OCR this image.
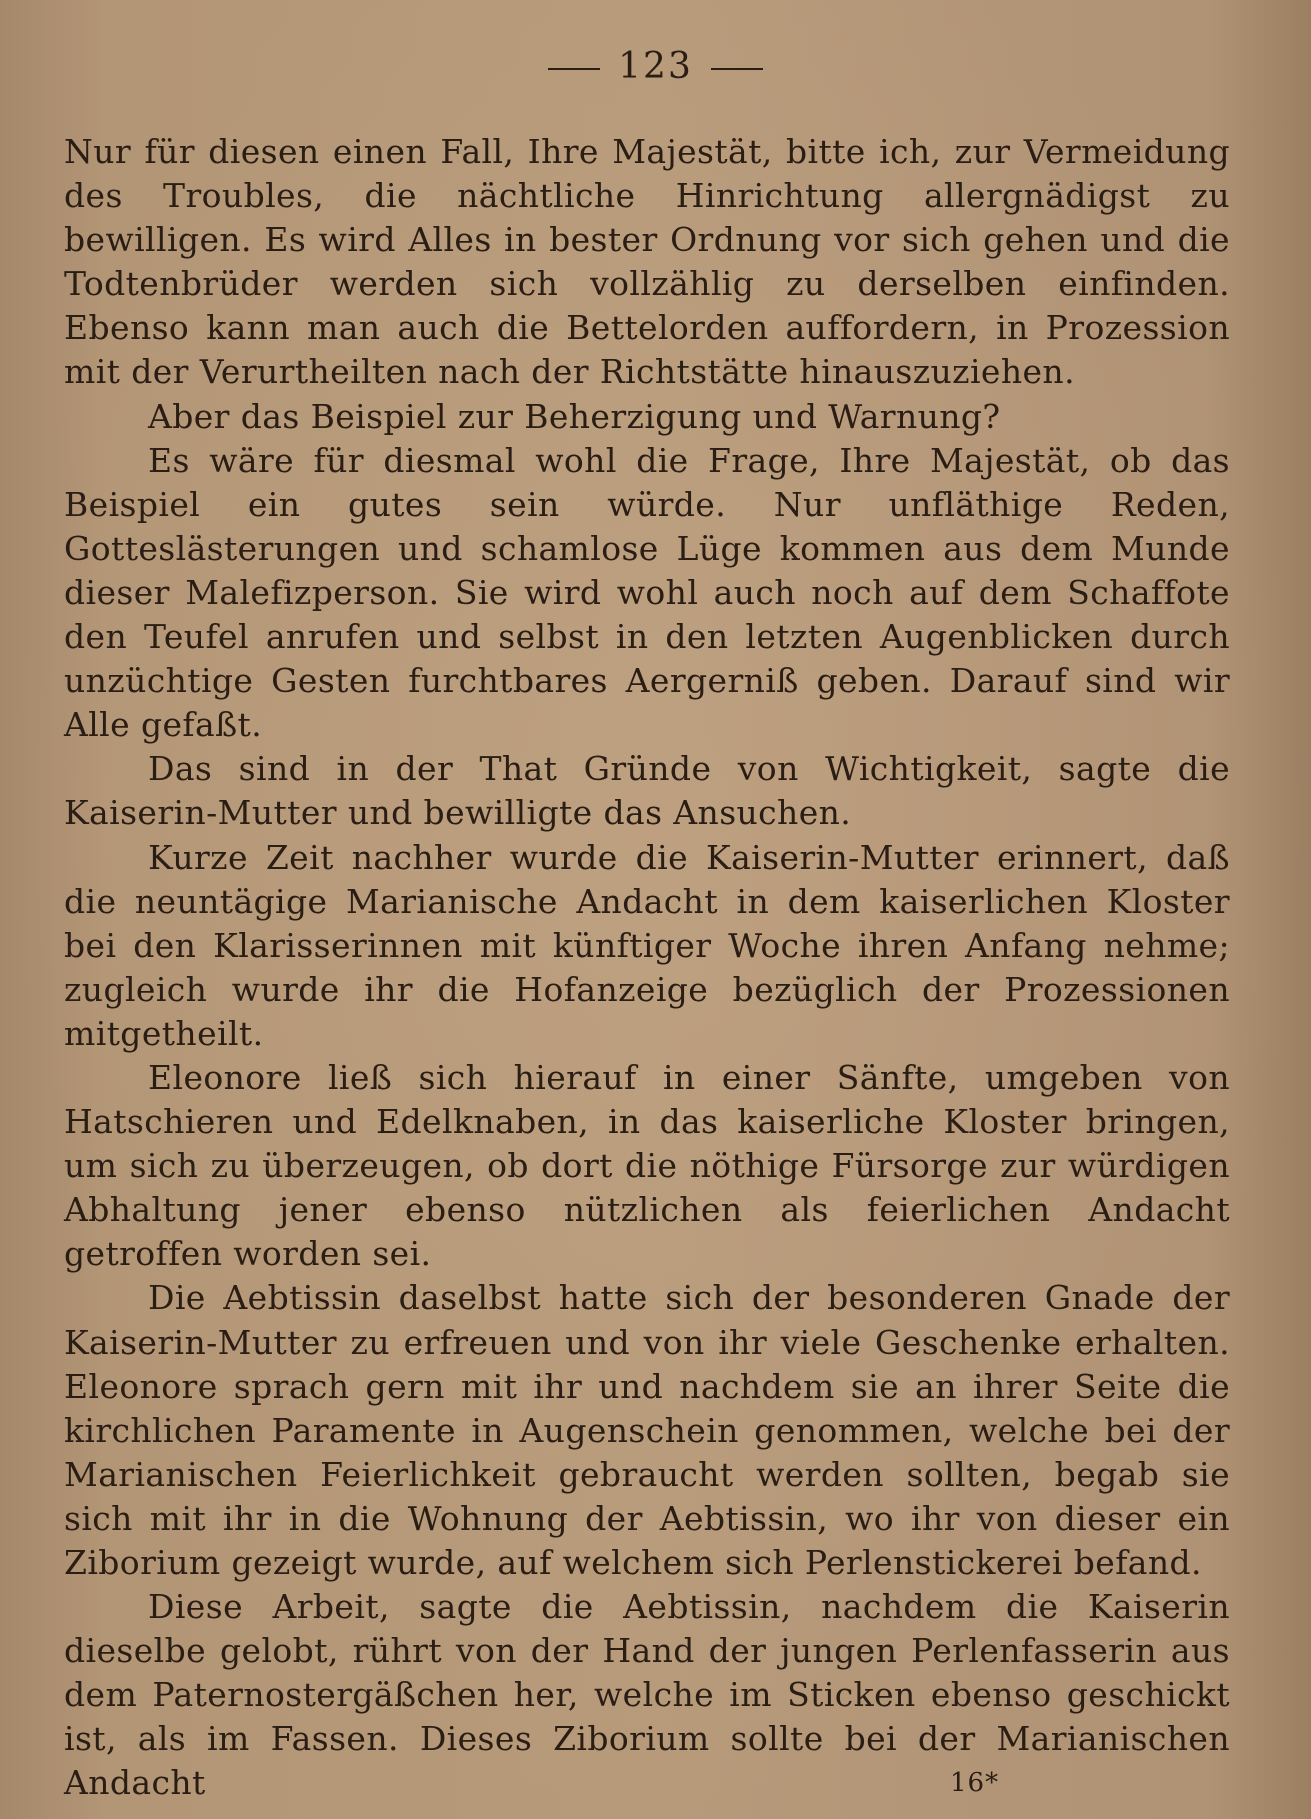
123

Nur für diesen einen Fall, Ihre Majestät, bitte ich, zur Vermeidung des Troubles, die nächtliche Hinrichtung allergnädigst zu bewilligen. Es wird Alles in bester Ordnung vor sich gehen und die Todtenbrüder werden sich vollzählig zu derselben einfinden. Ebenso kann man auch die Bettelorden auffordern, in Prozession mit der Verurtheilten nach der Richtstätte hinauszuziehen.

Aber das Beispiel zur Beherzigung und Warnung?

Es wäre für diesmal wohl die Frage, Ihre Majestät, ob das Beispiel ein gutes sein würde. Nur unfläthige Reden, Gotteslästerungen und schamlose Lüge kommen aus dem Munde dieser Malefizperson. Sie wird wohl auch noch auf dem Schaffote den Teufel anrufen und selbst in den letzten Augenblicken durch unzüchtige Gesten furchtbares Aergerniß geben. Darauf sind wir Alle gefaßt.

Das sind in der That Gründe von Wichtigkeit, sagte die Kaiserin-Mutter und bewilligte das Ansuchen.

Kurze Zeit nachher wurde die Kaiserin-Mutter erinnert, daß die neuntägige Marianische Andacht in dem kaiserlichen Kloster bei den Klarisserinnen mit künftiger Woche ihren Anfang nehme; zugleich wurde ihr die Hofanzeige bezüglich der Prozessionen mitgetheilt.

Eleonore ließ sich hierauf in einer Sänfte, umgeben von Hatschieren und Edelknaben, in das kaiserliche Kloster bringen, um sich zu überzeugen, ob dort die nöthige Fürsorge zur würdigen Abhaltung jener ebenso nützlichen als feierlichen Andacht getroffen worden sei.

Die Aebtissin daselbst hatte sich der besonderen Gnade der Kaiserin-Mutter zu erfreuen und von ihr viele Geschenke erhalten. Eleonore sprach gern mit ihr und nachdem sie an ihrer Seite die kirchlichen Paramente in Augenschein genommen, welche bei der Marianischen Feierlichkeit gebraucht werden sollten, begab sie sich mit ihr in die Wohnung der Aebtissin, wo ihr von dieser ein Ziborium gezeigt wurde, auf welchem sich Perlenstickerei befand.

Diese Arbeit, sagte die Aebtissin, nachdem die Kaiserin dieselbe gelobt, rührt von der Hand der jungen Perlenfasserin aus dem Paternostergäßchen her, welche im Sticken ebenso geschickt ist, als im Fassen. Dieses Ziborium sollte bei der Marianischen Andacht	16*
